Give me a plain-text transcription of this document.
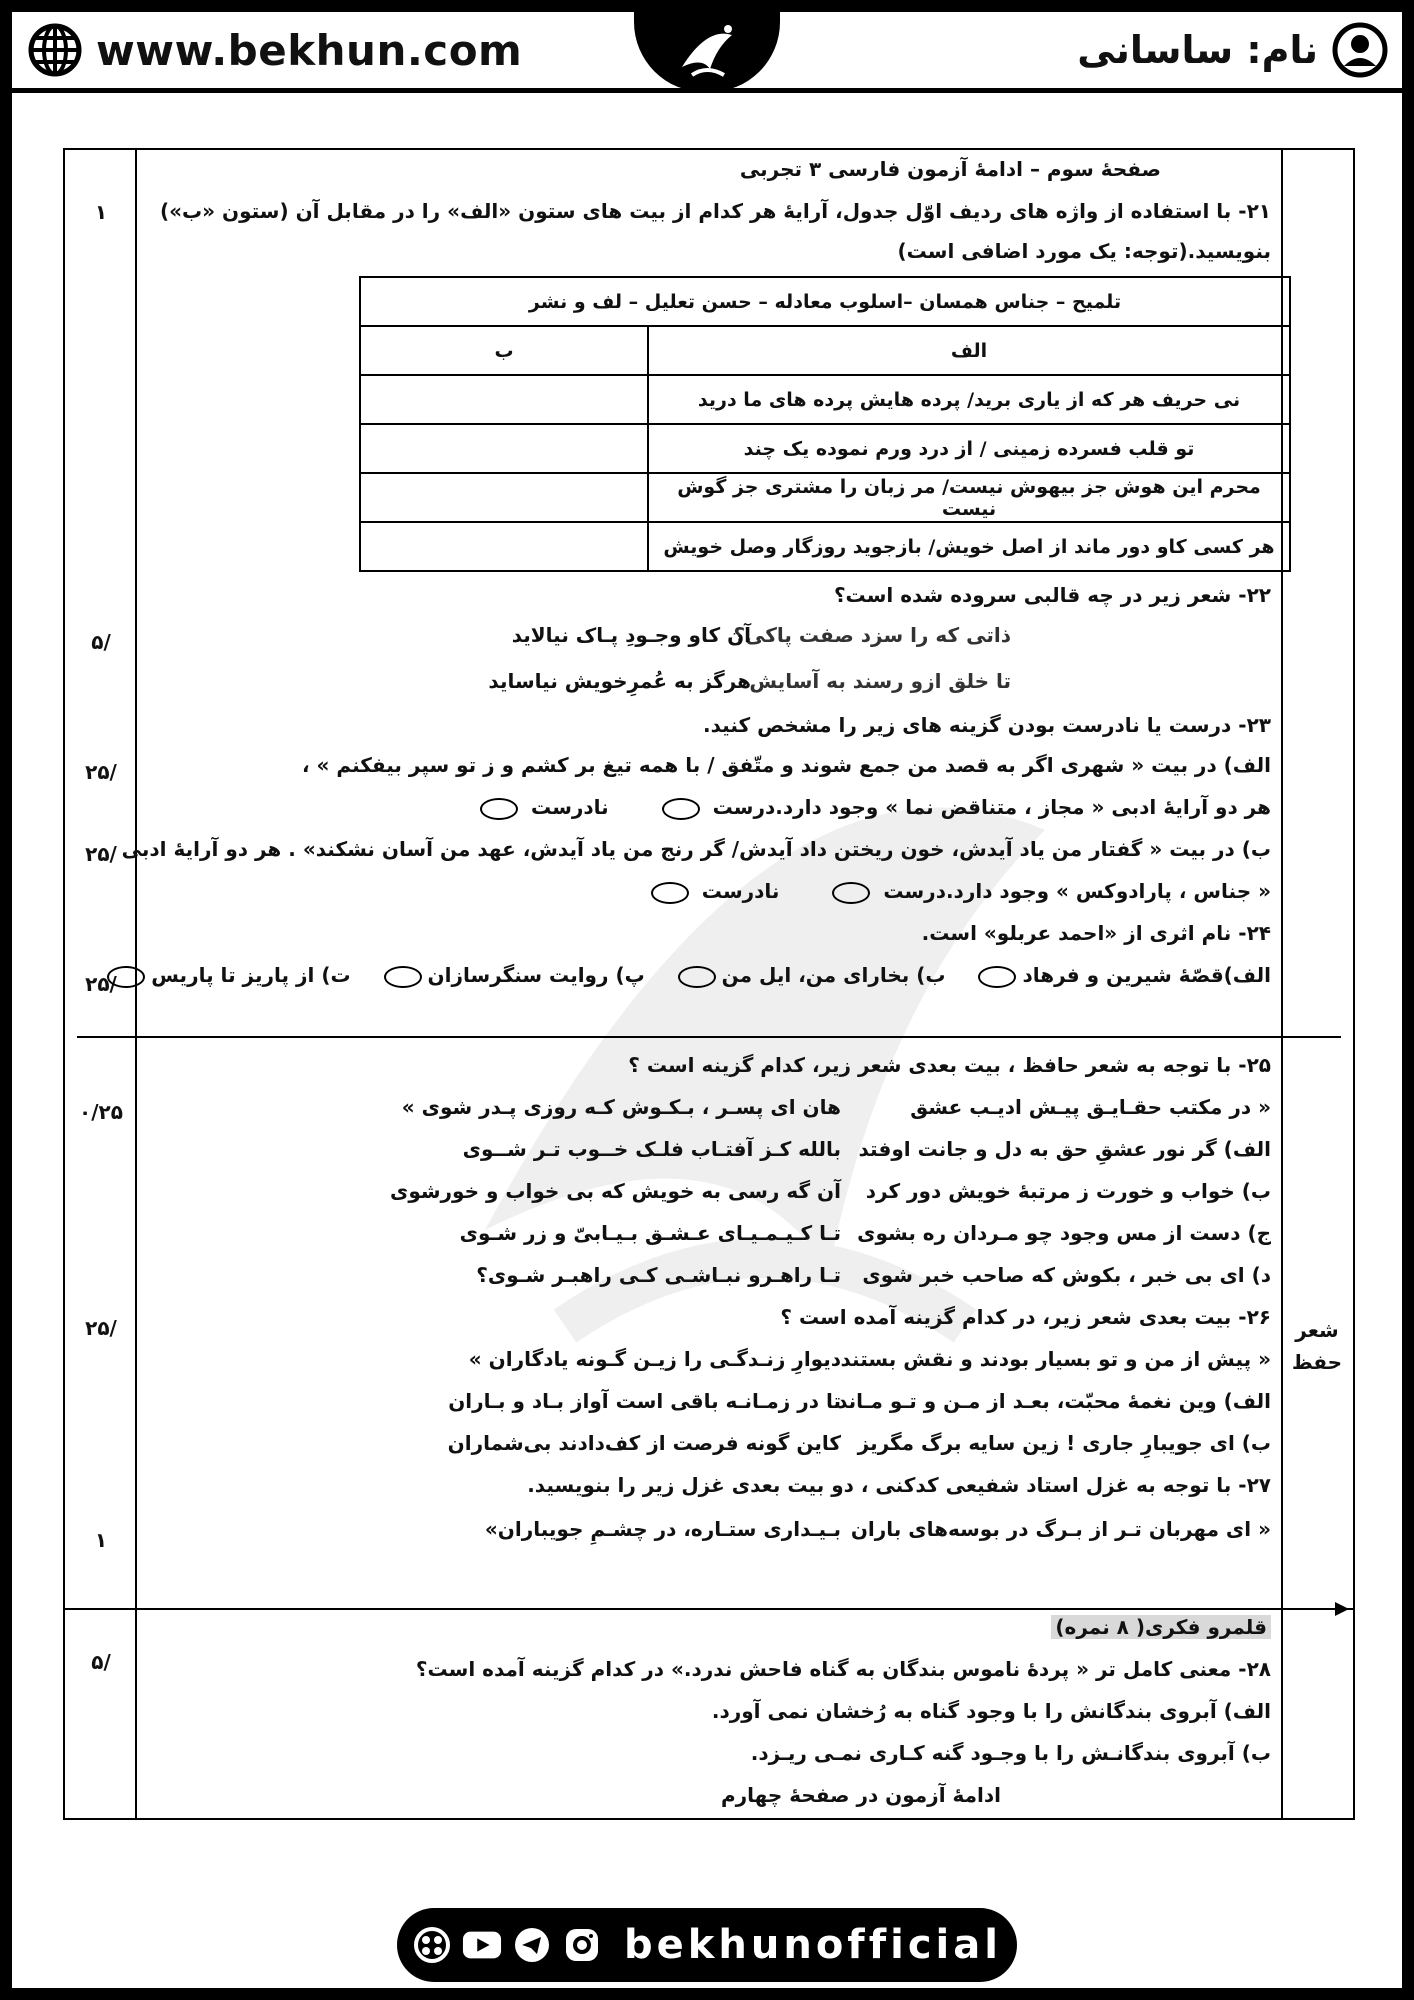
www.bekhun.com	نام: ساسانی
۱
۵/
۲۵/
۲۵/
۲۵/
۰/۲۵
۲۵/
۱
۵/
شعر حفظ
صفحهٔ سوم – ادامهٔ آزمون فارسی ۳ تجربی
۲۱- با استفاده از واژه های ردیف اوّل جدول، آرایهٔ هر کدام از بیت های ستون «الف» را در مقابل آن (ستون «ب»)
بنویسید.(توجه: یک مورد اضافی است)
تلمیح – جناس همسان –اسلوب معادله – حسن تعلیل – لف و نشر	
الف	ب
نی حریف هر که از یاری برید/ پرده هایش پرده های ما درید	
تو قلب فسرده زمینی / از درد ورم نموده یک چند	
محرم این هوش جز بیهوش نیست/ مر زبان را مشتری جز گوش نیست	
هر کسی کاو دور ماند از اصل خویش/ بازجوید روزگار وصل خویش	
۲۲- شعر زیر در چه قالبی سروده شده است؟
ذاتی که را سزد صفت پاکی؟
آن کاو وجـودِ پـاک نیالاید
تا خلق ازو رسند به آسایش
هرگز به عُمرِخویش نیاساید
۲۳- درست یا نادرست بودن گزینه های زیر را مشخص کنید.
الف) در بیت « شهری اگر به قصد من جمع شوند و متّفق / با همه تیغ بر کشم و ز تو سپر بیفکنم » ،
هر دو آرایهٔ ادبی « مجاز ، متناقض نما » وجود دارد.درست  نادرست
ب) در بیت « گفتار من یاد آیدش، خون ریختن داد آیدش/ گر رنج من یاد آیدش، عهد من آسان نشکند» . هر دو آرایهٔ ادبی
« جناس ، پارادوکس » وجود دارد.درست  نادرست
۲۴- نام اثری از «احمد عربلو» است.
الف)قصّهٔ شیرین و فرهاد ب) بخارای من، ایل من پ) روایت سنگرسازان ت) از پاریز تا پاریس
۲۵- با توجه به شعر حافظ ، بیت بعدی شعر زیر، کدام گزینه است ؟
« در مکتب حقـایـق پیـش ادیـب عشق
هان ای پسـر ، بـکـوش کـه روزی پـدر شوی »
الف) گر نور عشقِ حق به دل و جانت اوفتد
بالله کـز آفتـاب فلـک خــوب تـر شــوی
ب) خواب و خورت ز مرتبهٔ خویش دور کرد
آن گه رسی به خویش که بی خواب و خورشوی
ج) دست از مس وجود چو مـردان ره بشوی
تـا کـیـمـیـای عـشـق بـیـابیّ و زر شـوی
د) ای بی خبر ، بکوش که صاحب خبر شوی
تـا راهـرو نبـاشـی کـی راهبـر شـوی؟
۲۶- بیت بعدی شعر زیر، در کدام گزینه آمده است ؟
« پیش از من و تو بسیار بودند و نقش بستند
دیوارِ زنـدگـی را زیـن گـونه یادگاران »
الف) وین نغمهٔ محبّت، بعـد از مـن و تـو مـاند
تا در زمـانـه باقی است آواز بـاد و بـاران
ب) ای جویبارِ جاری ! زین سایه برگ مگریز
کاین گونه فرصت از کف‌دادند بی‌شماران
۲۷- با توجه به غزل استاد شفیعی کدکنی ، دو بیت بعدی غزل زیر را بنویسید.
« ای مهربان تـر از بـرگ در بوسه‌های باران
بـیـداری ستـاره، در چشـمِ جویباران»
قلمرو فکری( ۸ نمره)
۲۸- معنی کامل تر « پردهٔ ناموس بندگان به گناه فاحش ندرد.» در کدام گزینه آمده است؟
الف) آبروی بندگانش را با وجود گناه به رُخشان نمی آورد.
ب) آبروی بندگانـش را با وجـود گنه کـاری نمـی ریـزد.
ادامهٔ آزمون در صفحهٔ چهارم
bekhunofficial
